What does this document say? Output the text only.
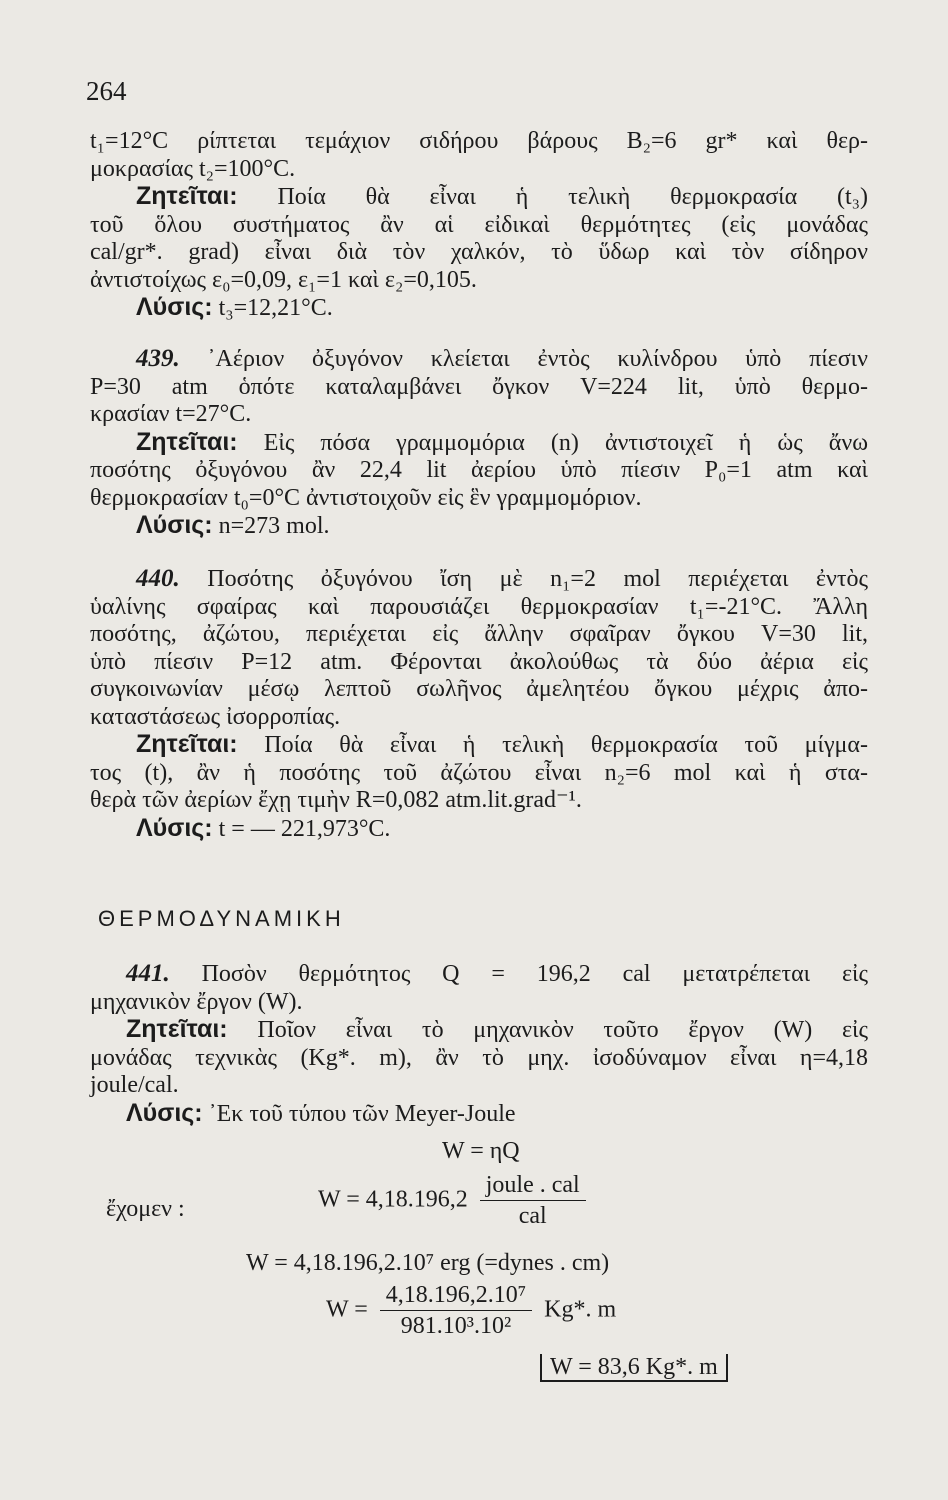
264

t₁=12°C ρίπτεται τεμάχιον σιδήρου βάρους B₂=6 gr* καὶ θερ-

μοκρασίας t₂=100°C.

Ζητεῖται: Ποία θὰ εἶναι ἡ τελικὴ θερμοκρασία (t₃)

τοῦ ὅλου συστήματος ἂν αἱ εἰδικαὶ θερμότητες (εἰς μονάδας

cal/gr*. grad) εἶναι διὰ τὸν χαλκόν, τὸ ὕδωρ καὶ τὸν σίδηρον

ἀντιστοίχως ε₀=0,09, ε₁=1 καὶ ε₂=0,105.

Λύσις: t₃=12,21°C.

439. ᾿Αέριον ὀξυγόνον κλείεται ἐντὸς κυλίνδρου ὑπὸ πίεσιν

P=30 atm ὁπότε καταλαμβάνει ὄγκον V=224 lit, ὑπὸ θερμο-

κρασίαν t=27°C.

Ζητεῖται: Εἰς πόσα γραμμομόρια (n) ἀντιστοιχεῖ ἡ ὡς ἄνω

ποσότης ὀξυγόνου ἂν 22,4 lit ἀερίου ὑπὸ πίεσιν P₀=1 atm καὶ

θερμοκρασίαν t₀=0°C ἀντιστοιχοῦν εἰς ἓν γραμμομόριον.

Λύσις: n=273 mol.

440. Ποσότης ὀξυγόνου ἴση μὲ n₁=2 mol περιέχεται ἐντὸς

ὑαλίνης σφαίρας καὶ παρουσιάζει θερμοκρασίαν t₁=-21°C. Ἄλλη

ποσότης, ἀζώτου, περιέχεται εἰς ἄλλην σφαῖραν ὄγκου V=30 lit,

ὑπὸ πίεσιν P=12 atm. Φέρονται ἀκολούθως τὰ δύο ἀέρια εἰς

συγκοινωνίαν μέσῳ λεπτοῦ σωλῆνος ἀμελητέου ὄγκου μέχρις ἀπο-

καταστάσεως ἰσορροπίας.

Ζητεῖται: Ποία θὰ εἶναι ἡ τελικὴ θερμοκρασία τοῦ μίγμα-

τος (t), ἂν ἡ ποσότης τοῦ ἀζώτου εἶναι n₂=6 mol καὶ ἡ στα-

θερὰ τῶν ἀερίων ἔχῃ τιμὴν R=0,082 atm.lit.grad⁻¹.

Λύσις: t = — 221,973°C.

ΘΕΡΜΟΔΥΝΑΜΙΚΗ

441. Ποσὸν θερμότητος Q = 196,2 cal μετατρέπεται εἰς

μηχανικὸν ἔργον (W).

Ζητεῖται: Ποῖον εἶναι τὸ μηχανικὸν τοῦτο ἔργον (W) εἰς

μονάδας τεχνικὰς (Kg*. m), ἂν τὸ μηχ. ἰσοδύναμον εἶναι η=4,18

joule/cal.

Λύσις: ᾿Εκ τοῦ τύπου τῶν Meyer-Joule

W = ηQ
ἔχομεν :	$W = 4,18.196,2 \frac{\text{joule . cal}}{\text{cal}}$
W = 4,18.196,2.10⁷ erg (=dynes . cm)
$W = \frac{\text{4,18.196,2.10⁷}}{\text{981.10³.10²}} Kg*$. m
W = 83,6 Kg*. m
